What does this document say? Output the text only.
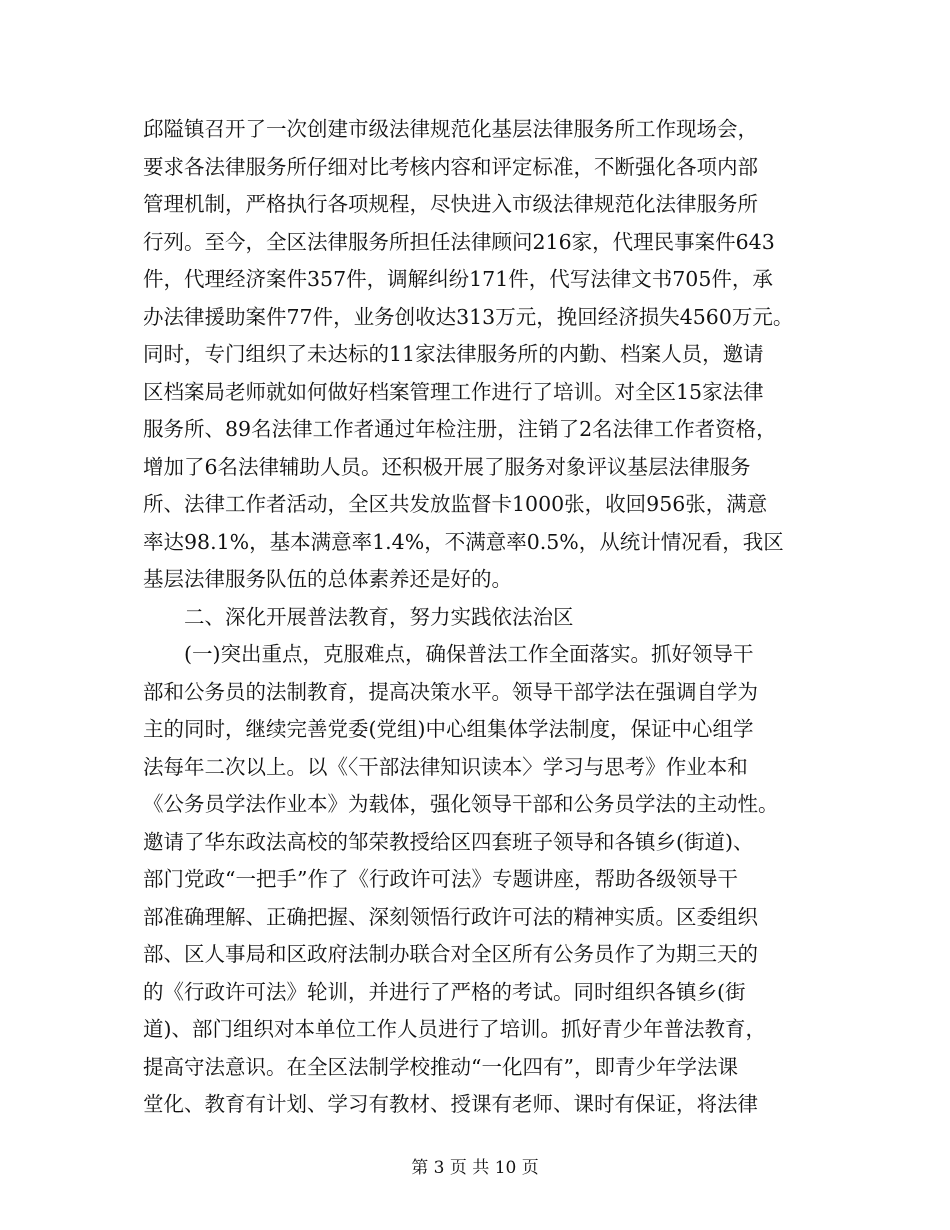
邱隘镇召开了一次创建市级法律规范化基层法律服务所工作现场会，
要求各法律服务所仔细对比考核内容和评定标准，不断强化各项内部
管理机制，严格执行各项规程，尽快进入市级法律规范化法律服务所
行列。至今，全区法律服务所担任法律顾问216家，代理民事案件643
件，代理经济案件357件，调解纠纷171件，代写法律文书705件，承
办法律援助案件77件，业务创收达313万元，挽回经济损失4560万元。
同时，专门组织了未达标的11家法律服务所的内勤、档案人员，邀请
区档案局老师就如何做好档案管理工作进行了培训。对全区15家法律
服务所、89名法律工作者通过年检注册，注销了2名法律工作者资格，
增加了6名法律辅助人员。还积极开展了服务对象评议基层法律服务
所、法律工作者活动，全区共发放监督卡1000张，收回956张，满意
率达98.1%，基本满意率1.4%，不满意率0.5%，从统计情况看，我区
基层法律服务队伍的总体素养还是好的。
二、深化开展普法教育，努力实践依法治区
(一)突出重点，克服难点，确保普法工作全面落实。抓好领导干
部和公务员的法制教育，提高决策水平。领导干部学法在强调自学为
主的同时，继续完善党委(党组)中心组集体学法制度，保证中心组学
法每年二次以上。以《〈干部法律知识读本〉学习与思考》作业本和
《公务员学法作业本》为载体，强化领导干部和公务员学法的主动性。
邀请了华东政法高校的邹荣教授给区四套班子领导和各镇乡(街道)、
部门党政“一把手”作了《行政许可法》专题讲座，帮助各级领导干
部准确理解、正确把握、深刻领悟行政许可法的精神实质。区委组织
部、区人事局和区政府法制办联合对全区所有公务员作了为期三天的
的《行政许可法》轮训，并进行了严格的考试。同时组织各镇乡(街
道)、部门组织对本单位工作人员进行了培训。抓好青少年普法教育，
提高守法意识。在全区法制学校推动“一化四有”，即青少年学法课
堂化、教育有计划、学习有教材、授课有老师、课时有保证，将法律
第 3 页 共 10 页
